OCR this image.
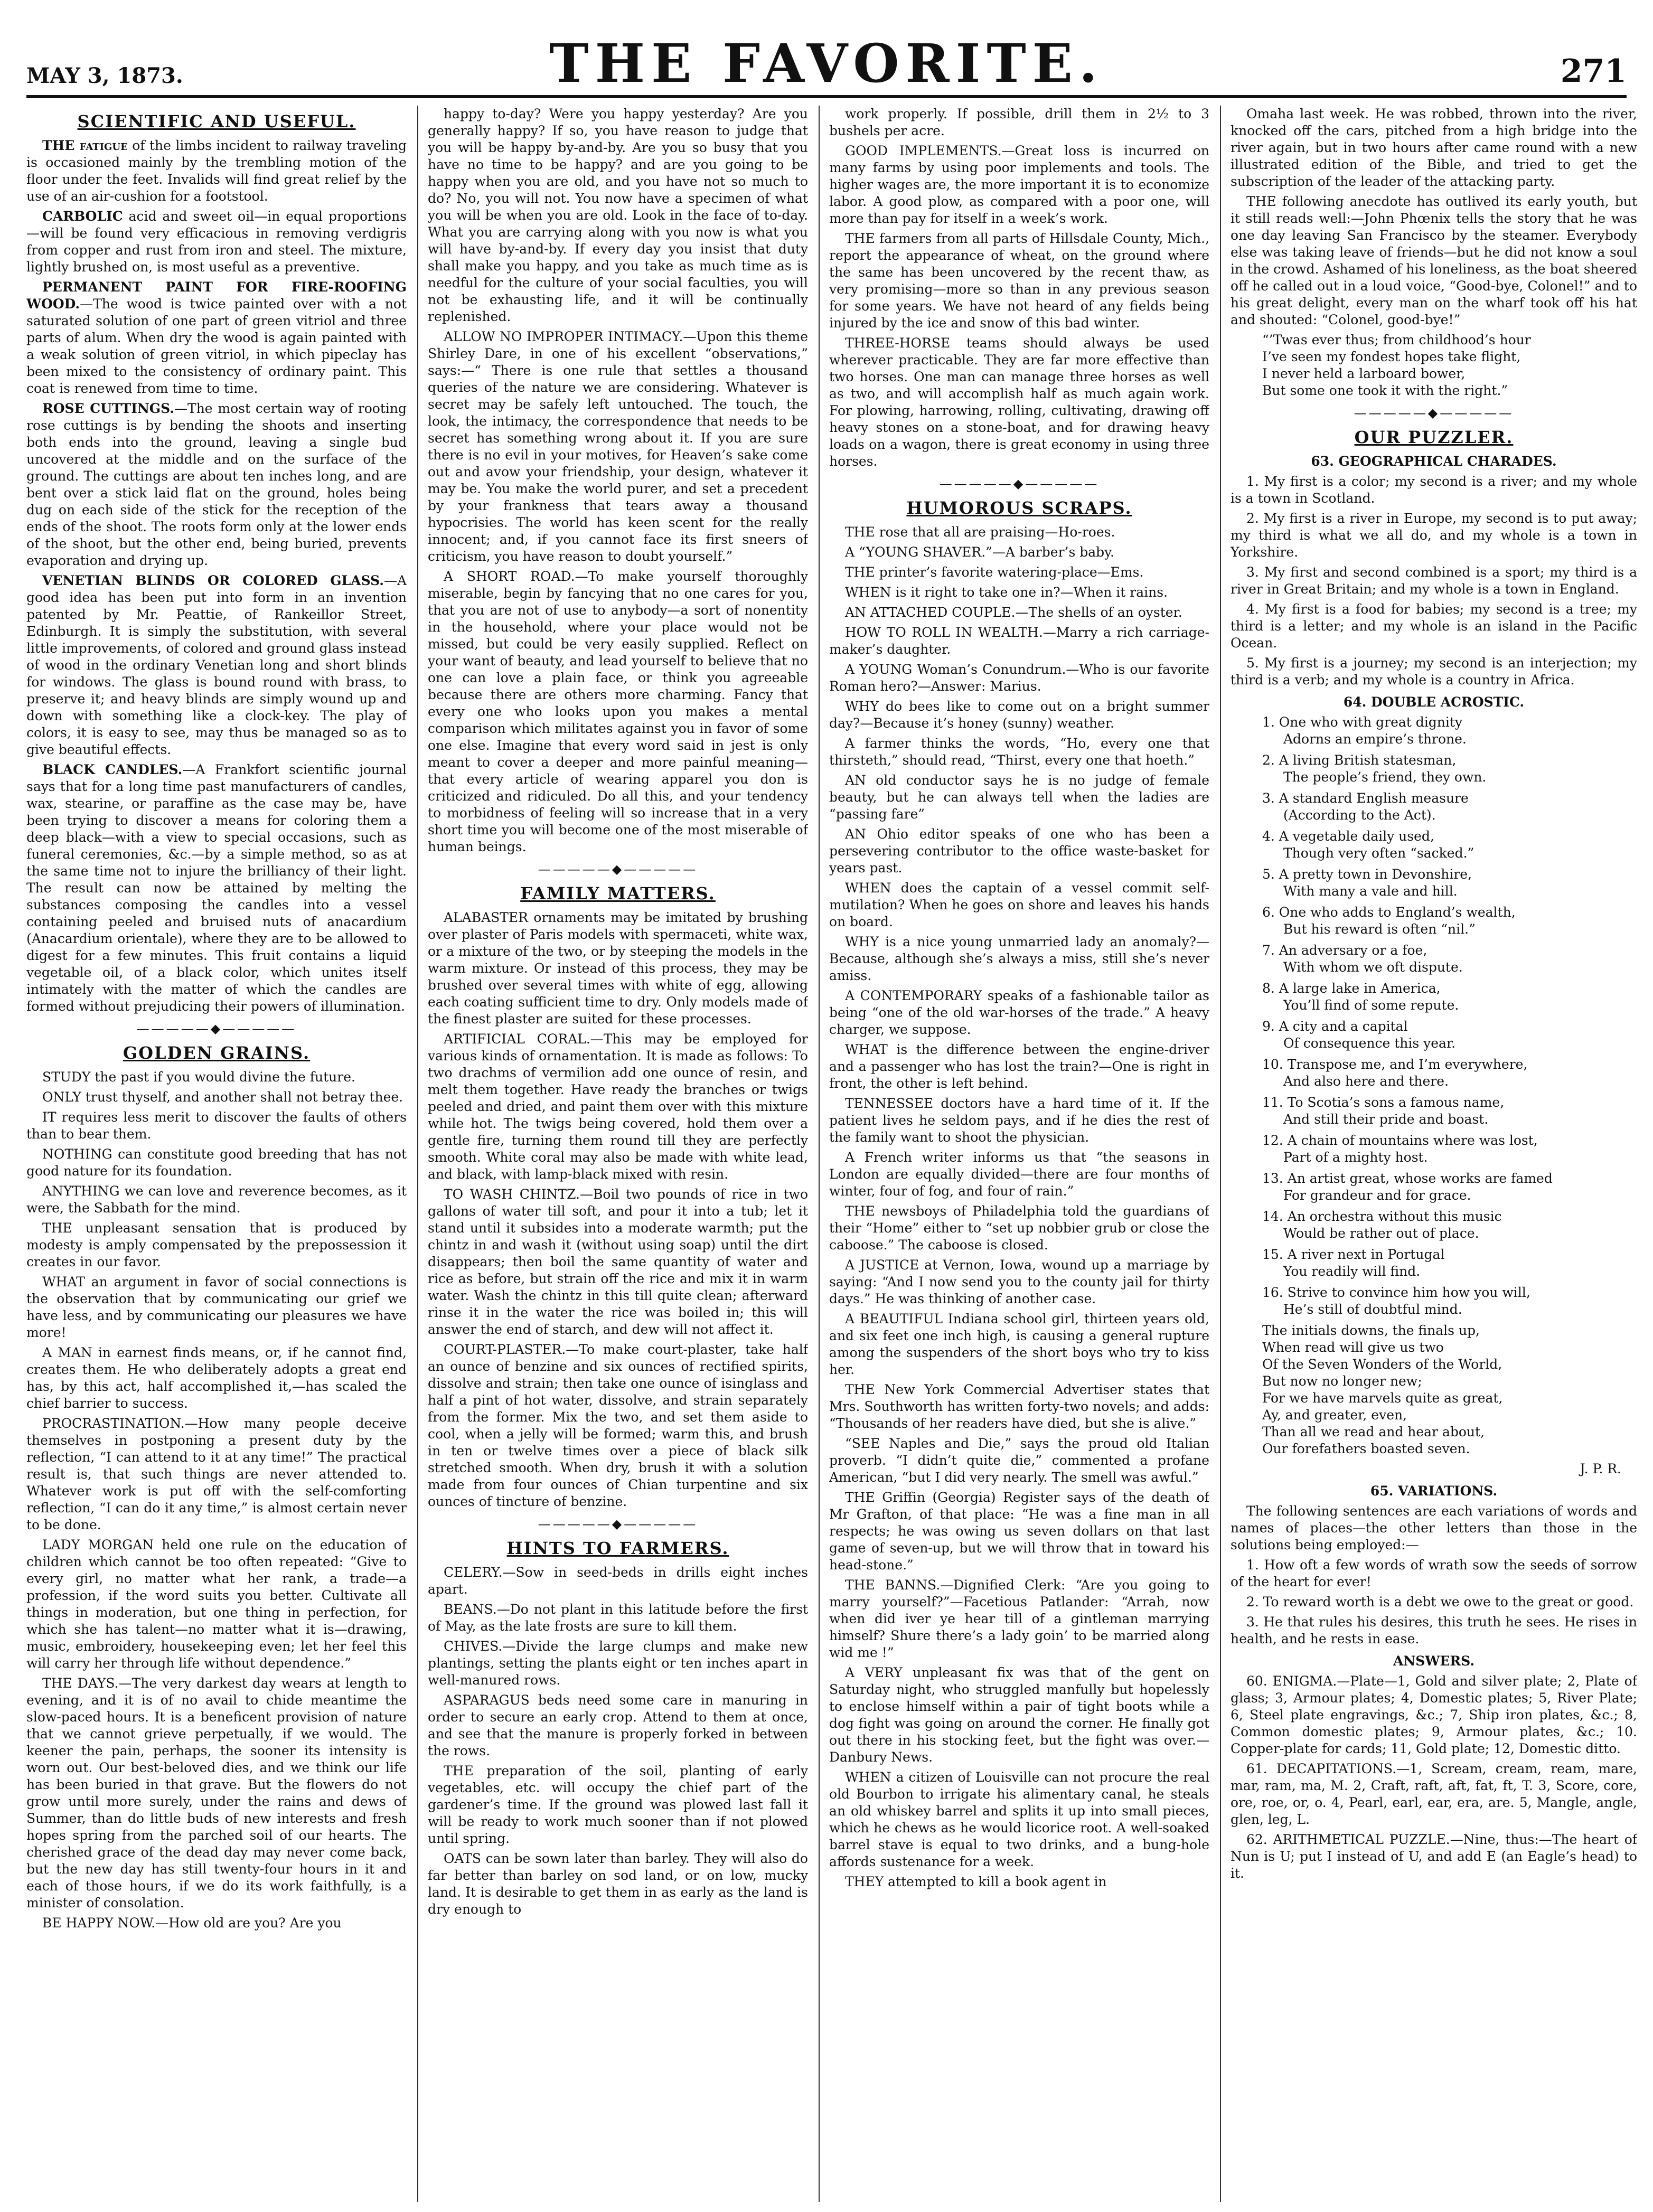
MAY 3, 1873.	THE FAVORITE.	271
SCIENTIFIC AND USEFUL.

THE fatigue of the limbs incident to railway traveling is occasioned mainly by the trembling motion of the floor under the feet. Invalids will find great relief by the use of an air-cushion for a footstool.

CARBOLIC acid and sweet oil—in equal proportions—will be found very efficacious in removing verdigris from copper and rust from iron and steel. The mixture, lightly brushed on, is most useful as a preventive.

PERMANENT PAINT FOR FIRE-ROOFING WOOD.—The wood is twice painted over with a not saturated solution of one part of green vitriol and three parts of alum. When dry the wood is again painted with a weak solution of green vitriol, in which pipeclay has been mixed to the consistency of ordinary paint. This coat is renewed from time to time.

ROSE CUTTINGS.—The most certain way of rooting rose cuttings is by bending the shoots and inserting both ends into the ground, leaving a single bud uncovered at the middle and on the surface of the ground. The cuttings are about ten inches long, and are bent over a stick laid flat on the ground, holes being dug on each side of the stick for the reception of the ends of the shoot. The roots form only at the lower ends of the shoot, but the other end, being buried, prevents evaporation and drying up.

VENETIAN BLINDS OR COLORED GLASS.—A good idea has been put into form in an invention patented by Mr. Peattie, of Rankeillor Street, Edinburgh. It is simply the substitution, with several little improvements, of colored and ground glass instead of wood in the ordinary Venetian long and short blinds for windows. The glass is bound round with brass, to preserve it; and heavy blinds are simply wound up and down with something like a clock-key. The play of colors, it is easy to see, may thus be managed so as to give beautiful effects.

BLACK CANDLES.—A Frankfort scientific journal says that for a long time past manufacturers of candles, wax, stearine, or paraffine as the case may be, have been trying to discover a means for coloring them a deep black—with a view to special occasions, such as funeral ceremonies, &c.—by a simple method, so as at the same time not to injure the brilliancy of their light. The result can now be attained by melting the substances composing the candles into a vessel containing peeled and bruised nuts of anacardium (Anacardium orientale), where they are to be allowed to digest for a few minutes. This fruit contains a liquid vegetable oil, of a black color, which unites itself intimately with the matter of which the candles are formed without prejudicing their powers of illumination.

—————◆—————
GOLDEN GRAINS.

STUDY the past if you would divine the future.

ONLY trust thyself, and another shall not betray thee.

IT requires less merit to discover the faults of others than to bear them.

NOTHING can constitute good breeding that has not good nature for its foundation.

ANYTHING we can love and reverence becomes, as it were, the Sabbath for the mind.

THE unpleasant sensation that is produced by modesty is amply compensated by the prepossession it creates in our favor.

WHAT an argument in favor of social connections is the observation that by communicating our grief we have less, and by communicating our pleasures we have more!

A MAN in earnest finds means, or, if he cannot find, creates them. He who deliberately adopts a great end has, by this act, half accomplished it,—has scaled the chief barrier to success.

PROCRASTINATION.—How many people deceive themselves in postponing a present duty by the reflection, “I can attend to it at any time!” The practical result is, that such things are never attended to. Whatever work is put off with the self-comforting reflection, “I can do it any time,” is almost certain never to be done.

LADY MORGAN held one rule on the education of children which cannot be too often repeated: “Give to every girl, no matter what her rank, a trade—a profession, if the word suits you better. Cultivate all things in moderation, but one thing in perfection, for which she has talent—no matter what it is—drawing, music, embroidery, housekeeping even; let her feel this will carry her through life without dependence.”

THE DAYS.—The very darkest day wears at length to evening, and it is of no avail to chide meantime the slow-paced hours. It is a beneficent provision of nature that we cannot grieve perpetually, if we would. The keener the pain, perhaps, the sooner its intensity is worn out. Our best-beloved dies, and we think our life has been buried in that grave. But the flowers do not grow until more surely, under the rains and dews of Summer, than do little buds of new interests and fresh hopes spring from the parched soil of our hearts. The cherished grace of the dead day may never come back, but the new day has still twenty-four hours in it and each of those hours, if we do its work faithfully, is a minister of consolation.

BE HAPPY NOW.—How old are you? Are you

happy to-day? Were you happy yesterday? Are you generally happy? If so, you have reason to judge that you will be happy by-and-by. Are you so busy that you have no time to be happy? and are you going to be happy when you are old, and you have not so much to do? No, you will not. You now have a specimen of what you will be when you are old. Look in the face of to-day. What you are carrying along with you now is what you will have by-and-by. If every day you insist that duty shall make you happy, and you take as much time as is needful for the culture of your social faculties, you will not be exhausting life, and it will be continually replenished.

ALLOW NO IMPROPER INTIMACY.—Upon this theme Shirley Dare, in one of his excellent “observations,” says:—“ There is one rule that settles a thousand queries of the nature we are considering. Whatever is secret may be safely left untouched. The touch, the look, the intimacy, the correspondence that needs to be secret has something wrong about it. If you are sure there is no evil in your motives, for Heaven’s sake come out and avow your friendship, your design, whatever it may be. You make the world purer, and set a precedent by your frankness that tears away a thousand hypocrisies. The world has keen scent for the really innocent; and, if you cannot face its first sneers of criticism, you have reason to doubt yourself.”

A SHORT ROAD.—To make yourself thoroughly miserable, begin by fancying that no one cares for you, that you are not of use to anybody—a sort of nonentity in the household, where your place would not be missed, but could be very easily supplied. Reflect on your want of beauty, and lead yourself to believe that no one can love a plain face, or think you agreeable because there are others more charming. Fancy that every one who looks upon you makes a mental comparison which militates against you in favor of some one else. Imagine that every word said in jest is only meant to cover a deeper and more painful meaning—that every article of wearing apparel you don is criticized and ridiculed. Do all this, and your tendency to morbidness of feeling will so increase that in a very short time you will become one of the most miserable of human beings.

—————◆—————
FAMILY MATTERS.

ALABASTER ornaments may be imitated by brushing over plaster of Paris models with spermaceti, white wax, or a mixture of the two, or by steeping the models in the warm mixture. Or instead of this process, they may be brushed over several times with white of egg, allowing each coating sufficient time to dry. Only models made of the finest plaster are suited for these processes.

ARTIFICIAL CORAL.—This may be employed for various kinds of ornamentation. It is made as follows: To two drachms of vermilion add one ounce of resin, and melt them together. Have ready the branches or twigs peeled and dried, and paint them over with this mixture while hot. The twigs being covered, hold them over a gentle fire, turning them round till they are perfectly smooth. White coral may also be made with white lead, and black, with lamp-black mixed with resin.

TO WASH CHINTZ.—Boil two pounds of rice in two gallons of water till soft, and pour it into a tub; let it stand until it subsides into a moderate warmth; put the chintz in and wash it (without using soap) until the dirt disappears; then boil the same quantity of water and rice as before, but strain off the rice and mix it in warm water. Wash the chintz in this till quite clean; afterward rinse it in the water the rice was boiled in; this will answer the end of starch, and dew will not affect it.

COURT-PLASTER.—To make court-plaster, take half an ounce of benzine and six ounces of rectified spirits, dissolve and strain; then take one ounce of isinglass and half a pint of hot water, dissolve, and strain separately from the former. Mix the two, and set them aside to cool, when a jelly will be formed; warm this, and brush in ten or twelve times over a piece of black silk stretched smooth. When dry, brush it with a solution made from four ounces of Chian turpentine and six ounces of tincture of benzine.

—————◆—————
HINTS TO FARMERS.

CELERY.—Sow in seed-beds in drills eight inches apart.

BEANS.—Do not plant in this latitude before the first of May, as the late frosts are sure to kill them.

CHIVES.—Divide the large clumps and make new plantings, setting the plants eight or ten inches apart in well-manured rows.

ASPARAGUS beds need some care in manuring in order to secure an early crop. Attend to them at once, and see that the manure is properly forked in between the rows.

THE preparation of the soil, planting of early vegetables, etc. will occupy the chief part of the gardener’s time. If the ground was plowed last fall it will be ready to work much sooner than if not plowed until spring.

OATS can be sown later than barley. They will also do far better than barley on sod land, or on low, mucky land. It is desirable to get them in as early as the land is dry enough to

work properly. If possible, drill them in 2½ to 3 bushels per acre.

GOOD IMPLEMENTS.—Great loss is incurred on many farms by using poor implements and tools. The higher wages are, the more important it is to economize labor. A good plow, as compared with a poor one, will more than pay for itself in a week’s work.

THE farmers from all parts of Hillsdale County, Mich., report the appearance of wheat, on the ground where the same has been uncovered by the recent thaw, as very promising—more so than in any previous season for some years. We have not heard of any fields being injured by the ice and snow of this bad winter.

THREE-HORSE teams should always be used wherever practicable. They are far more effective than two horses. One man can manage three horses as well as two, and will accomplish half as much again work. For plowing, harrowing, rolling, cultivating, drawing off heavy stones on a stone-boat, and for drawing heavy loads on a wagon, there is great economy in using three horses.

—————◆—————
HUMOROUS SCRAPS.

THE rose that all are praising—Ho-roes.

A “YOUNG SHAVER.”—A barber’s baby.

THE printer’s favorite watering-place—Ems.

WHEN is it right to take one in?—When it rains.

AN ATTACHED COUPLE.—The shells of an oyster.

HOW TO ROLL IN WEALTH.—Marry a rich carriage-maker’s daughter.

A YOUNG Woman’s Conundrum.—Who is our favorite Roman hero?—Answer: Marius.

WHY do bees like to come out on a bright summer day?—Because it’s honey (sunny) weather.

A farmer thinks the words, “Ho, every one that thirsteth,” should read, “Thirst, every one that hoeth.”

AN old conductor says he is no judge of female beauty, but he can always tell when the ladies are “passing fare”

AN Ohio editor speaks of one who has been a persevering contributor to the office waste-basket for years past.

WHEN does the captain of a vessel commit self-mutilation? When he goes on shore and leaves his hands on board.

WHY is a nice young unmarried lady an anomaly?—Because, although she’s always a miss, still she’s never amiss.

A CONTEMPORARY speaks of a fashionable tailor as being “one of the old war-horses of the trade.” A heavy charger, we suppose.

WHAT is the difference between the engine-driver and a passenger who has lost the train?—One is right in front, the other is left behind.

TENNESSEE doctors have a hard time of it. If the patient lives he seldom pays, and if he dies the rest of the family want to shoot the physician.

A French writer informs us that “the seasons in London are equally divided—there are four months of winter, four of fog, and four of rain.”

THE newsboys of Philadelphia told the guardians of their “Home” either to “set up nobbier grub or close the caboose.” The caboose is closed.

A JUSTICE at Vernon, Iowa, wound up a marriage by saying: “And I now send you to the county jail for thirty days.” He was thinking of another case.

A BEAUTIFUL Indiana school girl, thirteen years old, and six feet one inch high, is causing a general rupture among the suspenders of the short boys who try to kiss her.

THE New York Commercial Advertiser states that Mrs. Southworth has written forty-two novels; and adds: “Thousands of her readers have died, but she is alive.”

“SEE Naples and Die,” says the proud old Italian proverb. “I didn’t quite die,” commented a profane American, “but I did very nearly. The smell was awful.”

THE Griffin (Georgia) Register says of the death of Mr Grafton, of that place: “He was a fine man in all respects; he was owing us seven dollars on that last game of seven-up, but we will throw that in toward his head-stone.”

THE BANNS.—Dignified Clerk: “Are you going to marry yourself?”—Facetious Patlander: “Arrah, now when did iver ye hear till of a gintleman marrying himself? Shure there’s a lady goin’ to be married along wid me !”

A VERY unpleasant fix was that of the gent on Saturday night, who struggled manfully but hopelessly to enclose himself within a pair of tight boots while a dog fight was going on around the corner. He finally got out there in his stocking feet, but the fight was over.—Danbury News.

WHEN a citizen of Louisville can not procure the real old Bourbon to irrigate his alimentary canal, he steals an old whiskey barrel and splits it up into small pieces, which he chews as he would licorice root. A well-soaked barrel stave is equal to two drinks, and a bung-hole affords sustenance for a week.

THEY attempted to kill a book agent in

Omaha last week. He was robbed, thrown into the river, knocked off the cars, pitched from a high bridge into the river again, but in two hours after came round with a new illustrated edition of the Bible, and tried to get the subscription of the leader of the attacking party.

THE following anecdote has outlived its early youth, but it still reads well:—John Phœnix tells the story that he was one day leaving San Francisco by the steamer. Everybody else was taking leave of friends—but he did not know a soul in the crowd. Ashamed of his loneliness, as the boat sheered off he called out in a loud voice, “Good-bye, Colonel!” and to his great delight, every man on the wharf took off his hat and shouted: “Colonel, good-bye!”

“’Twas ever thus; from childhood’s hour
I’ve seen my fondest hopes take flight,
I never held a larboard bower,
But some one took it with the right.”
—————◆—————
OUR PUZZLER.
63. GEOGRAPHICAL CHARADES.

1. My first is a color; my second is a river; and my whole is a town in Scotland.

2. My first is a river in Europe, my second is to put away; my third is what we all do, and my whole is a town in Yorkshire.

3. My first and second combined is a sport; my third is a river in Great Britain; and my whole is a town in England.

4. My first is a food for babies; my second is a tree; my third is a letter; and my whole is an island in the Pacific Ocean.

5. My first is a journey; my second is an interjection; my third is a verb; and my whole is a country in Africa.

64. DOUBLE ACROSTIC.
1. One who with great dignity
Adorns an empire’s throne.
2. A living British statesman,
The people’s friend, they own.
3. A standard English measure
(According to the Act).
4. A vegetable daily used,
Though very often “sacked.”
5. A pretty town in Devonshire,
With many a vale and hill.
6. One who adds to England’s wealth,
But his reward is often “nil.”
7. An adversary or a foe,
With whom we oft dispute.
8. A large lake in America,
You’ll find of some repute.
9. A city and a capital
Of consequence this year.
10. Transpose me, and I’m everywhere,
And also here and there.
11. To Scotia’s sons a famous name,
And still their pride and boast.
12. A chain of mountains where was lost,
Part of a mighty host.
13. An artist great, whose works are famed
For grandeur and for grace.
14. An orchestra without this music
Would be rather out of place.
15. A river next in Portugal
You readily will find.
16. Strive to convince him how you will,
He’s still of doubtful mind.
The initials downs, the finals up,
When read will give us two
Of the Seven Wonders of the World,
But now no longer new;
For we have marvels quite as great,
Ay, and greater, even,
Than all we read and hear about,
Our forefathers boasted seven.
J. P. R.
65. VARIATIONS.

The following sentences are each variations of words and names of places—the other letters than those in the solutions being employed:—

1. How oft a few words of wrath sow the seeds of sorrow of the heart for ever!

2. To reward worth is a debt we owe to the great or good.

3. He that rules his desires, this truth he sees. He rises in health, and he rests in ease.

ANSWERS.

60. ENIGMA.—Plate—1, Gold and silver plate; 2, Plate of glass; 3, Armour plates; 4, Domestic plates; 5, River Plate; 6, Steel plate engravings, &c.; 7, Ship iron plates, &c.; 8, Common domestic plates; 9, Armour plates, &c.; 10. Copper-plate for cards; 11, Gold plate; 12, Domestic ditto.

61. DECAPITATIONS.—1, Scream, cream, ream, mare, mar, ram, ma, M. 2, Craft, raft, aft, fat, ft, T. 3, Score, core, ore, roe, or, o. 4, Pearl, earl, ear, era, are. 5, Mangle, angle, glen, leg, L.

62. ARITHMETICAL PUZZLE.—Nine, thus:—The heart of Nun is U; put I instead of U, and add E (an Eagle’s head) to it.
